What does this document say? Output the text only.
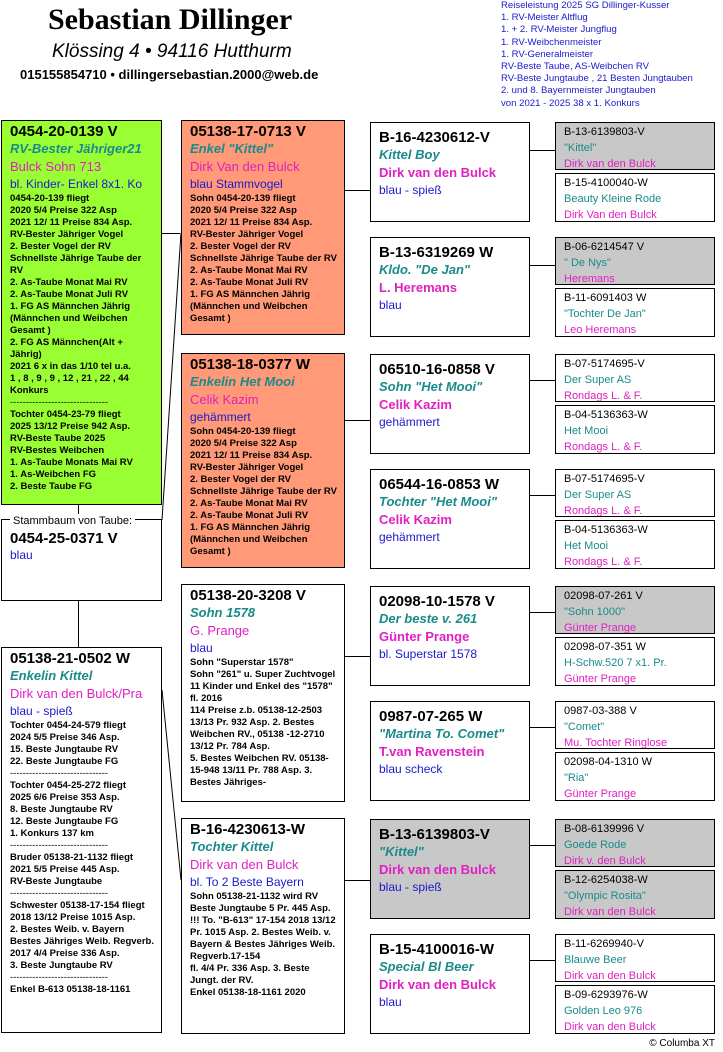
Sebastian Dillinger
Klössing 4 • 94116 Hutthurm
015155854710 • dillingersebastian.2000@web.de
Reiseleistung 2025 SG Dillinger-Kusser
1. RV-Meister Altflug
1. + 2. RV-Meister Jungflug
1. RV-Weibchenmeister
1. RV-Generalmeister
RV-Beste Taube, AS-Weibchen RV
RV-Beste Jungtaube , 21 Besten Jungtauben
2. und 8. Bayernmeister Jungtauben
von 2021 - 2025 38 x 1. Konkurs
0454-20-0139 V
RV-Bester Jähriger21
Bulck Sohn 713
bl. Kinder- Enkel 8x1. Ko
0454-20-139 fliegt
2020 5/4 Preise 322 Asp
2021 12/ 11 Preise 834 Asp.
RV-Bester Jähriger Vogel
2. Bester Vogel der RV
Schnellste Jährige Taube der RV
2. As-Taube Monat Mai RV
2. As-Taube Monat Juli RV
1. FG AS Männchen Jährig (Männchen und Weibchen Gesamt )
2. FG AS Männchen(Alt + Jährig)
2021 6 x in das 1/10 tel u.a.
1 , 8 , 9 , 9 , 12 , 21 , 22 , 44 Konkurs
-------------------------------
Tochter 0454-23-79 fliegt
2025 13/12 Preise 942 Asp.
RV-Beste Taube 2025
RV-Bestes Weibchen
1. As-Taube Monats Mai RV
1. As-Weibchen FG
2. Beste Taube FG
0454-25-0371 V
blau
Stammbaum von Taube:
05138-21-0502 W
Enkelin Kittel
Dirk van den Bulck/Pra
blau - spieß
Tochter 0454-24-579 fliegt
2024 5/5 Preise 346 Asp.
15. Beste Jungtaube RV
22. Beste Jungtaube FG
-------------------------------
Tochter 0454-25-272 fliegt
2025 6/6 Preise 353 Asp.
8. Beste Jungtaube RV
12. Beste Jungtaube FG
1. Konkurs 137 km
-------------------------------
Bruder 05138-21-1132 fliegt
2021 5/5 Preise 445 Asp.
RV-Beste Jungtaube
-------------------------------
Schwester 05138-17-154 fliegt
2018 13/12 Preise 1015 Asp.
2. Bestes Weib. v. Bayern
Bestes Jähriges Weib. Regverb.
2017 4/4 Preise 336 Asp.
3. Beste Jungtaube RV
-------------------------------
Enkel B-613 05138-18-1161
05138-17-0713 V
Enkel "Kittel"
Dirk Van den Bulck
blau Stammvogel
Sohn 0454-20-139 fliegt
2020 5/4 Preise 322 Asp
2021 12/ 11 Preise 834 Asp.
RV-Bester Jähriger Vogel
2. Bester Vogel der RV
Schnellste Jährige Taube der RV
2. As-Taube Monat Mai RV
2. As-Taube Monat Juli RV
1. FG AS Männchen Jährig (Männchen und Weibchen Gesamt )
05138-18-0377 W
Enkelin Het Mooi
Celik Kazim
gehämmert
Sohn 0454-20-139 fliegt
2020 5/4 Preise 322 Asp
2021 12/ 11 Preise 834 Asp.
RV-Bester Jähriger Vogel
2. Bester Vogel der RV
Schnellste Jährige Taube der RV
2. As-Taube Monat Mai RV
2. As-Taube Monat Juli RV
1. FG AS Männchen Jährig (Männchen und Weibchen Gesamt )
05138-20-3208 V
Sohn 1578
G. Prange
blau
Sohn "Superstar 1578"
Sohn "261" u. Super Zuchtvogel 11 Kinder und Enkel des "1578" fl. 2016
114 Preise z.b. 05138-12-2503 13/13 Pr. 932 Asp. 2. Bestes Weibchen RV., 05138 -12-2710 13/12 Pr. 784 Asp.
5. Bestes Weibchen RV. 05138-15-948 13/11 Pr. 788 Asp. 3. Bestes Jähriges-
B-16-4230613-W
Tochter Kittel
Dirk van den Bulck
bl. To 2 Beste Bayern
Sohn 05138-21-1132 wird RV Beste Jungtaube 5 Pr. 445 Asp.
!!! To. "B-613" 17-154 2018 13/12 Pr. 1015 Asp. 2. Bestes Weib. v. Bayern & Bestes Jähriges Weib. Regverb.17-154
fl. 4/4 Pr. 336 Asp. 3. Beste Jungt. der RV.
Enkel 05138-18-1161 2020
B-16-4230612-V
Kittel Boy
Dirk van den Bulck
blau - spieß
B-13-6319269 W
Kldo. "De Jan"
L. Heremans
blau
06510-16-0858 V
Sohn "Het Mooi"
Celik Kazim
gehämmert
06544-16-0853 W
Tochter "Het Mooi"
Celik Kazim
gehämmert
02098-10-1578 V
Der beste v. 261
Günter Prange
bl. Superstar 1578
0987-07-265 W
"Martina To. Comet"
T.van Ravenstein
blau scheck
B-13-6139803-V
"Kittel"
Dirk van den Bulck
blau - spieß
B-15-4100016-W
Special Bl Beer
Dirk van den Bulck
blau
B-13-6139803-V
"Kittel"
Dirk van den Bulck
B-15-4100040-W
Beauty Kleine Rode
Dirk Van den Bulck
B-06-6214547 V
" De Nys"
Heremans
B-11-6091403 W
"Tochter De Jan"
Leo Heremans
B-07-5174695-V
Der Super AS
Rondags L. & F.
B-04-5136363-W
Het Mooi
Rondags L. & F.
B-07-5174695-V
Der Super AS
Rondags L. & F.
B-04-5136363-W
Het Mooi
Rondags L. & F.
02098-07-261 V
"Sohn 1000"
Günter Prange
02098-07-351 W
H-Schw.520 7 x1. Pr.
Günter Prange
0987-03-388 V
"Comet"
Mu. Tochter Ringlose
02098-04-1310 W
"Ria"
Günter Prange
B-08-6139996 V
Goede Rode
Dirk v. den Bulck
B-12-6254038-W
"Olympic Rosita"
Dirk van den Bulck
B-11-6269940-V
Blauwe Beer
Dirk van den Bulck
B-09-6293976-W
Golden Leo 976
Dirk van den Bulck
© Columba XT
